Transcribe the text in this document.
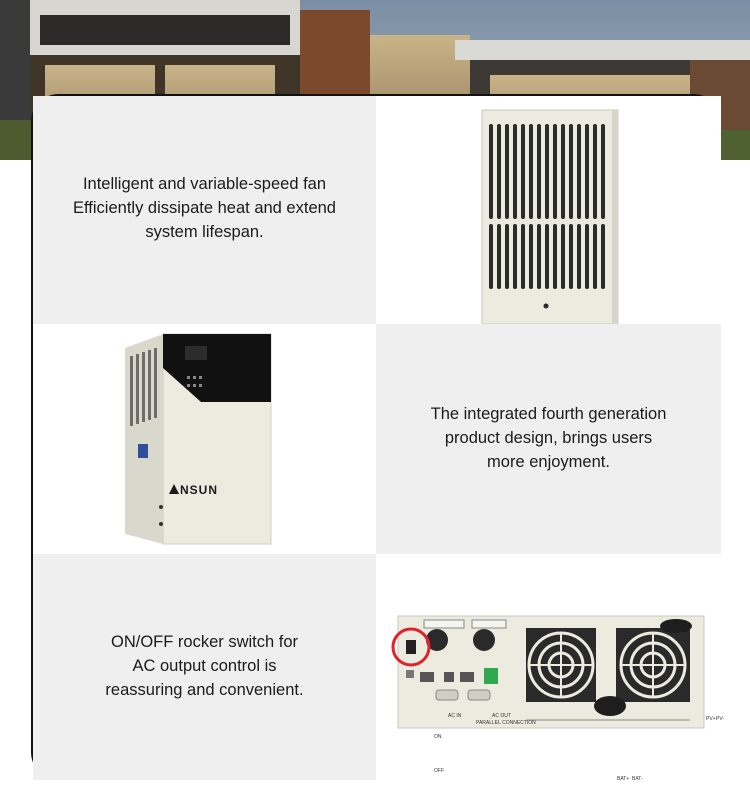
Intelligent and variable-speed fan
Efficiently dissipate heat and extend
system lifespan.
NSUN
The integrated fourth generation
product design, brings users
more enjoyment.
ON/OFF rocker switch for
AC output control is
reassuring and convenient.
ON
OFF
AC IN	AC OUT
BAT+ BAT-
PV+ PV-
PARALLEL CONNECTION
